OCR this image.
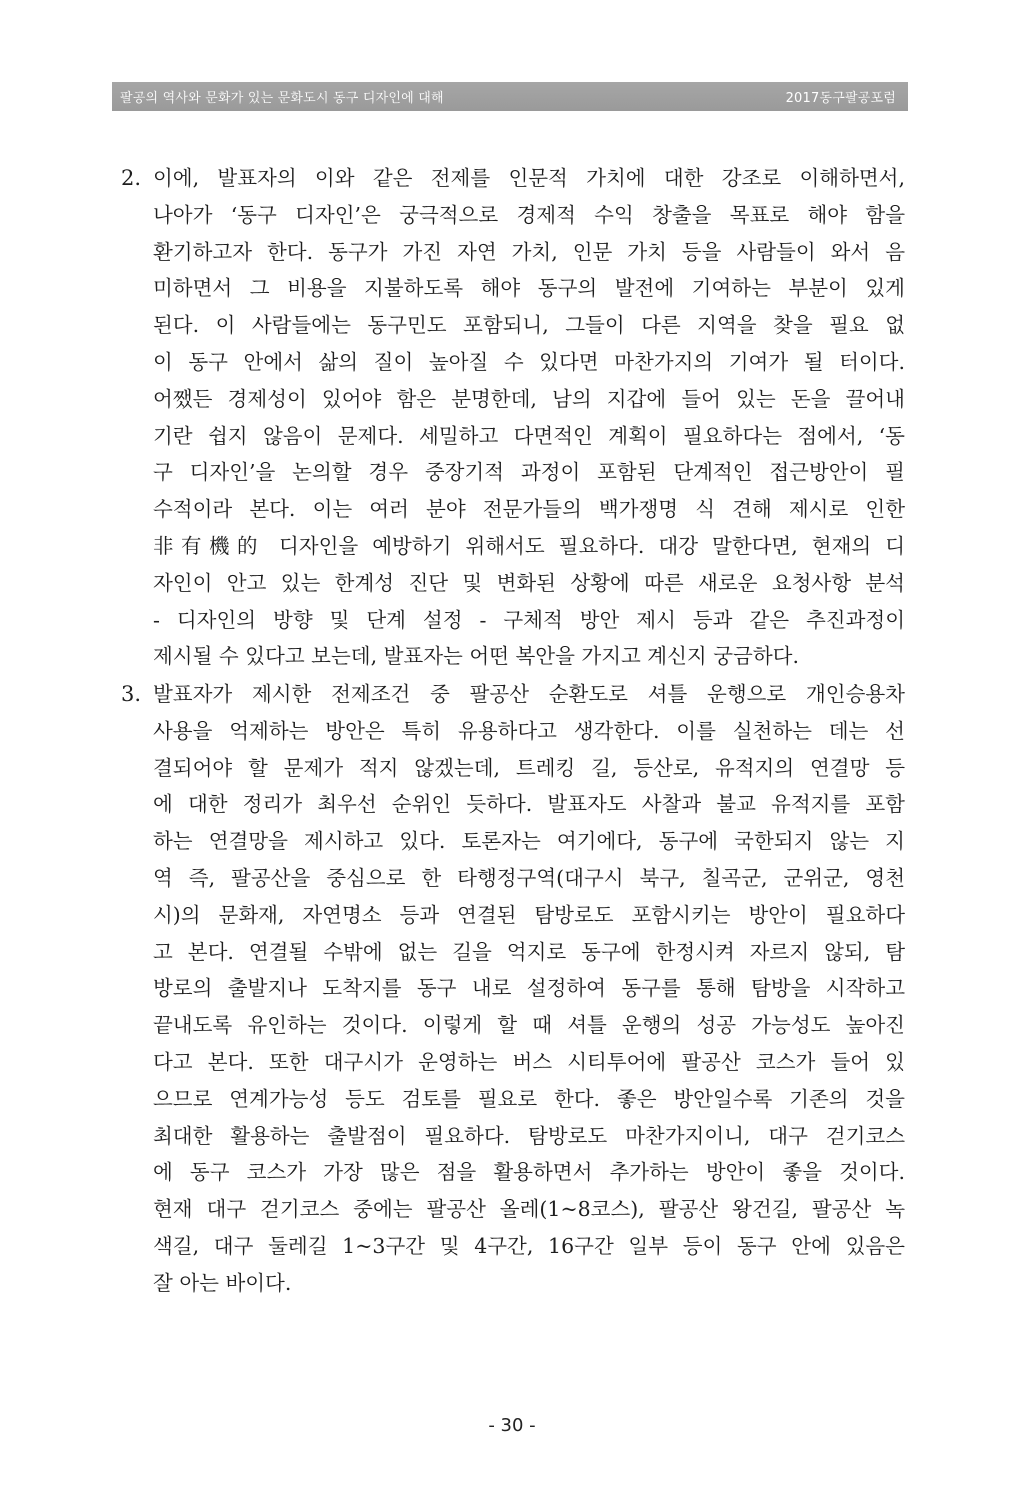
팔공의 역사와 문화가 있는 문화도시 동구 디자인에 대해	2017동구팔공포럼
2. 이에, 발표자의 이와 같은 전제를 인문적 가치에 대한 강조로 이해하면서,
나아가 ‘동구 디자인’은 궁극적으로 경제적 수익 창출을 목표로 해야 함을
환기하고자 한다. 동구가 가진 자연 가치, 인문 가치 등을 사람들이 와서 음
미하면서 그 비용을 지불하도록 해야 동구의 발전에 기여하는 부분이 있게
된다. 이 사람들에는 동구민도 포함되니, 그들이 다른 지역을 찾을 필요 없
이 동구 안에서 삶의 질이 높아질 수 있다면 마찬가지의 기여가 될 터이다.
어쨌든 경제성이 있어야 함은 분명한데, 남의 지갑에 들어 있는 돈을 끌어내
기란 쉽지 않음이 문제다. 세밀하고 다면적인 계획이 필요하다는 점에서, ‘동
구 디자인’을 논의할 경우 중장기적 과정이 포함된 단계적인 접근방안이 필
수적이라 본다. 이는 여러 분야 전문가들의 백가쟁명 식 견해 제시로 인한
非有機的 디자인을 예방하기 위해서도 필요하다. 대강 말한다면, 현재의 디
자인이 안고 있는 한계성 진단 및 변화된 상황에 따른 새로운 요청사항 분석
- 디자인의 방향 및 단계 설정 - 구체적 방안 제시 등과 같은 추진과정이
제시될 수 있다고 보는데, 발표자는 어떤 복안을 가지고 계신지 궁금하다.
3. 발표자가 제시한 전제조건 중 팔공산 순환도로 셔틀 운행으로 개인승용차
사용을 억제하는 방안은 특히 유용하다고 생각한다. 이를 실천하는 데는 선
결되어야 할 문제가 적지 않겠는데, 트레킹 길, 등산로, 유적지의 연결망 등
에 대한 정리가 최우선 순위인 듯하다. 발표자도 사찰과 불교 유적지를 포함
하는 연결망을 제시하고 있다. 토론자는 여기에다, 동구에 국한되지 않는 지
역 즉, 팔공산을 중심으로 한 타행정구역(대구시 북구, 칠곡군, 군위군, 영천
시)의 문화재, 자연명소 등과 연결된 탐방로도 포함시키는 방안이 필요하다
고 본다. 연결될 수밖에 없는 길을 억지로 동구에 한정시켜 자르지 않되, 탐
방로의 출발지나 도착지를 동구 내로 설정하여 동구를 통해 탐방을 시작하고
끝내도록 유인하는 것이다. 이렇게 할 때 셔틀 운행의 성공 가능성도 높아진
다고 본다. 또한 대구시가 운영하는 버스 시티투어에 팔공산 코스가 들어 있
으므로 연계가능성 등도 검토를 필요로 한다. 좋은 방안일수록 기존의 것을
최대한 활용하는 출발점이 필요하다. 탐방로도 마찬가지이니, 대구 걷기코스
에 동구 코스가 가장 많은 점을 활용하면서 추가하는 방안이 좋을 것이다.
현재 대구 걷기코스 중에는 팔공산 올레(1~8코스), 팔공산 왕건길, 팔공산 녹
색길, 대구 둘레길 1~3구간 및 4구간, 16구간 일부 등이 동구 안에 있음은
잘 아는 바이다.
- 30 -
